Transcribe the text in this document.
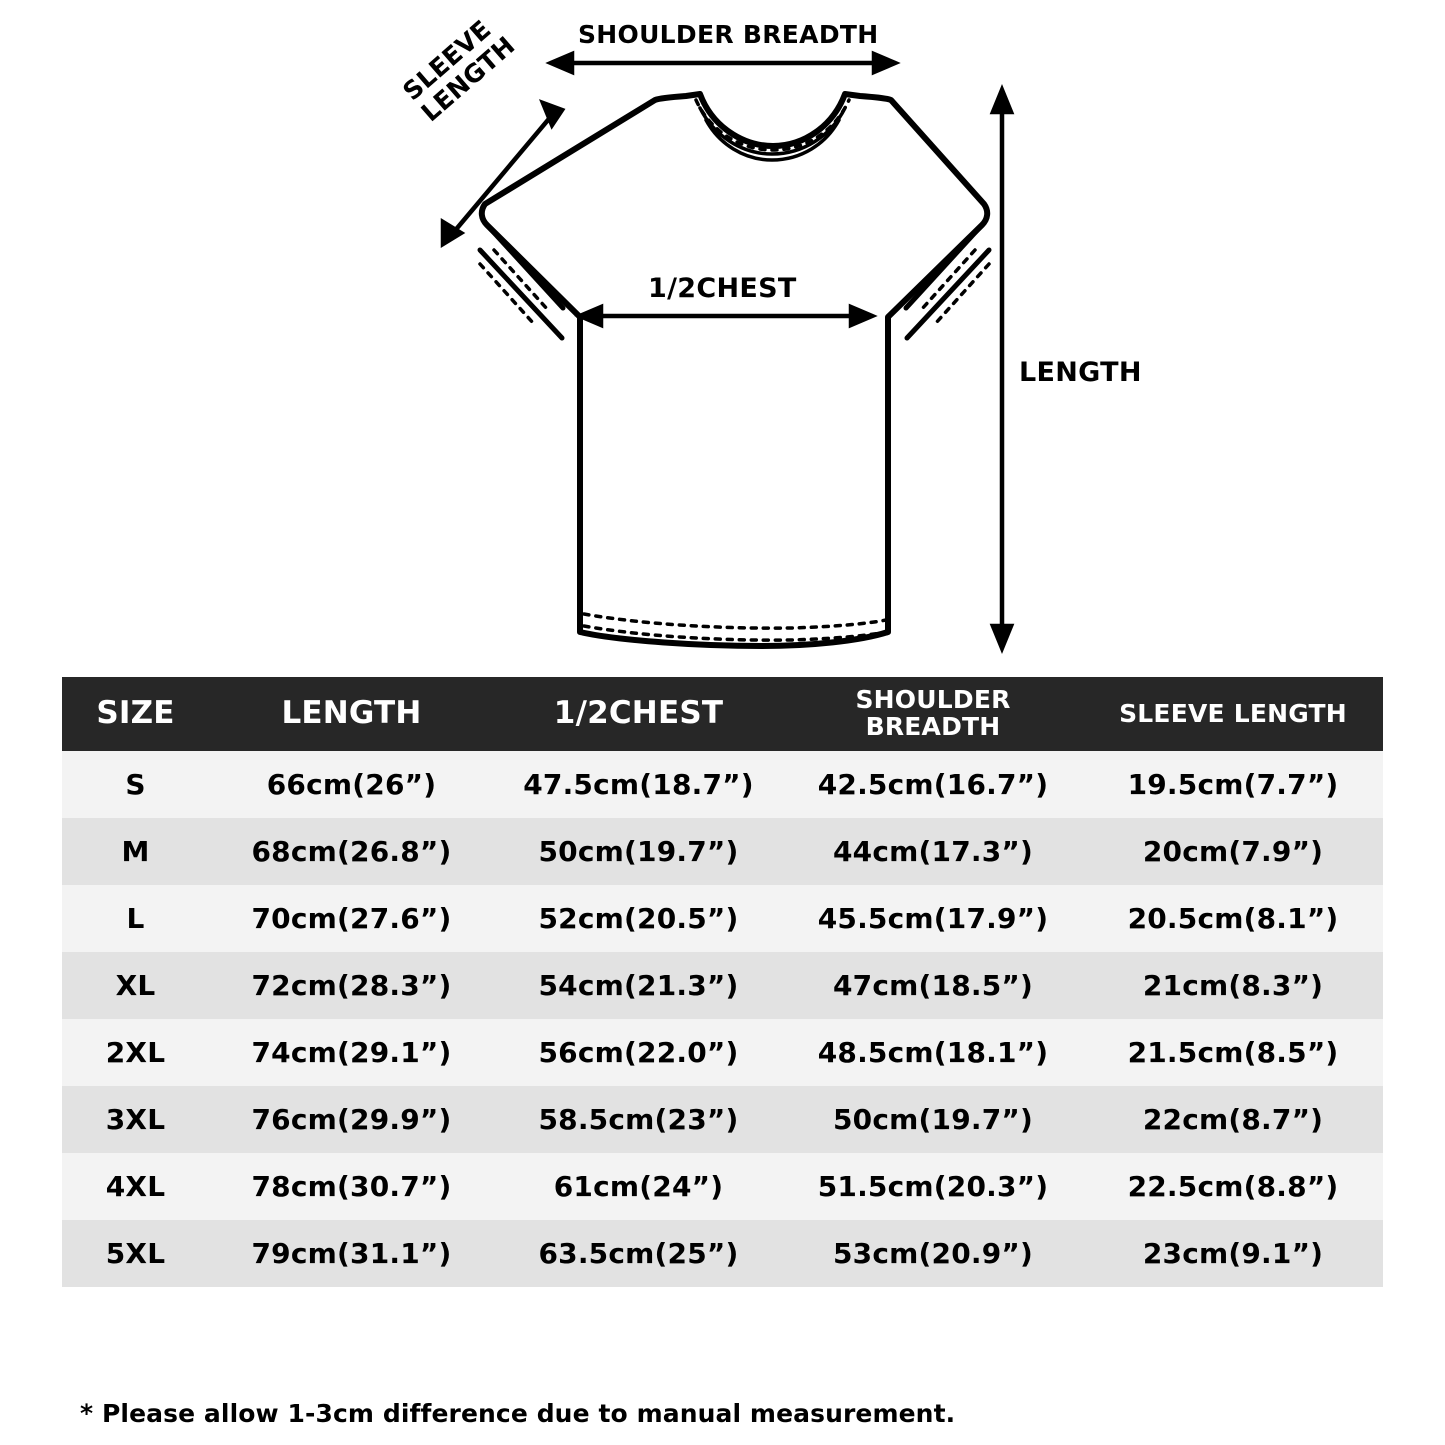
SHOULDER BREADTH
SLEEVE
LENGTH
1/2CHEST
LENGTH
SIZE	LENGTH	1/2CHEST	SHOULDER BREADTH	SLEEVE LENGTH
S	66cm(26”)	47.5cm(18.7”)	42.5cm(16.7”)	19.5cm(7.7”)
M	68cm(26.8”)	50cm(19.7”)	44cm(17.3”)	20cm(7.9”)
L	70cm(27.6”)	52cm(20.5”)	45.5cm(17.9”)	20.5cm(8.1”)
XL	72cm(28.3”)	54cm(21.3”)	47cm(18.5”)	21cm(8.3”)
2XL	74cm(29.1”)	56cm(22.0”)	48.5cm(18.1”)	21.5cm(8.5”)
3XL	76cm(29.9”)	58.5cm(23”)	50cm(19.7”)	22cm(8.7”)
4XL	78cm(30.7”)	61cm(24”)	51.5cm(20.3”)	22.5cm(8.8”)
5XL	79cm(31.1”)	63.5cm(25”)	53cm(20.9”)	23cm(9.1”)
* Please allow 1-3cm difference due to manual measurement.
